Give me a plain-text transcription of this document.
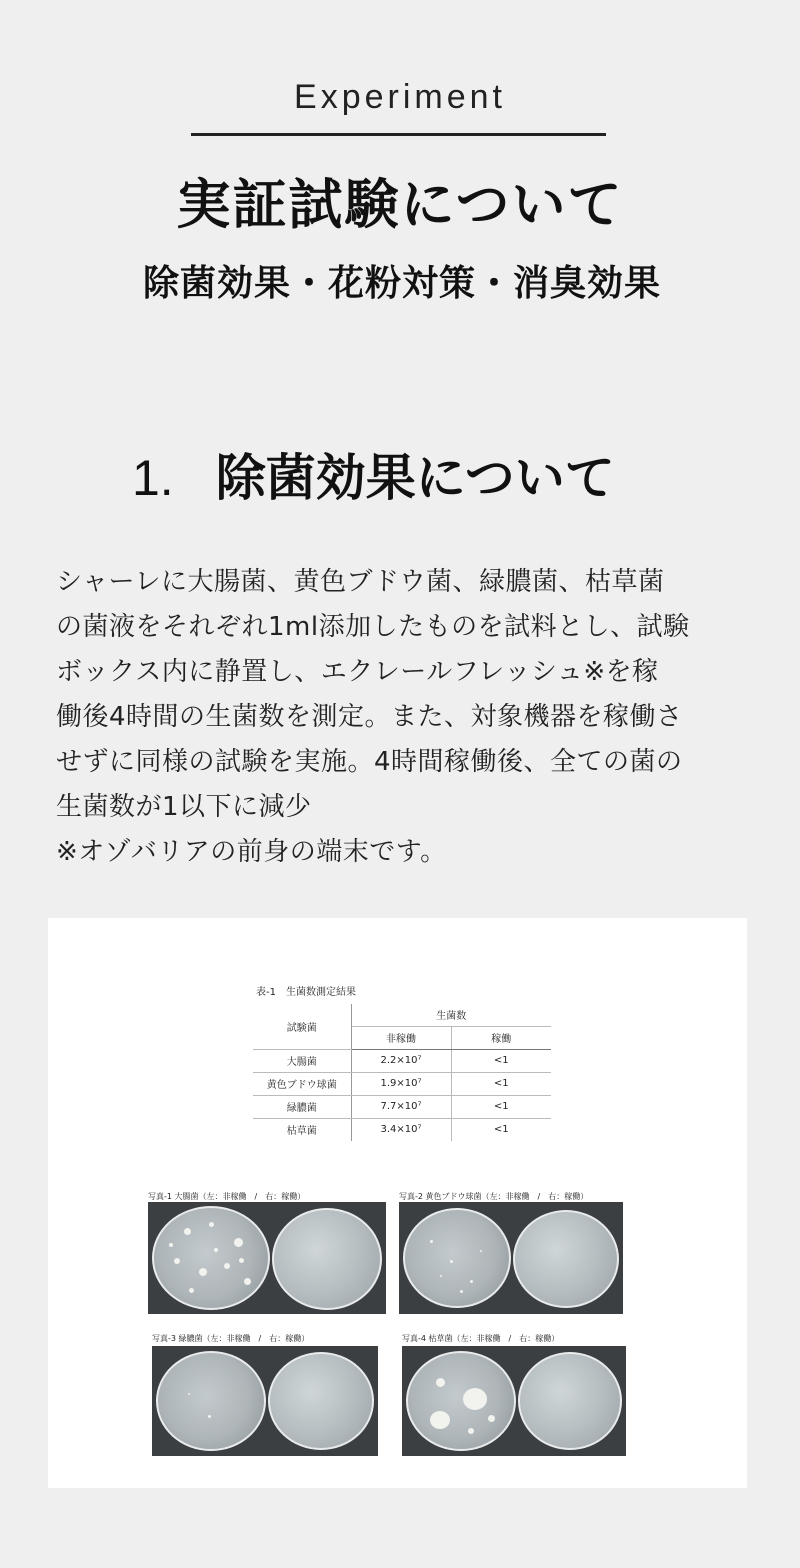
Experiment
実証試験について
除菌効果・花粉対策・消臭効果
1. 除菌効果について

シャーレに大腸菌、黄色ブドウ菌、緑膿菌、枯草菌

の菌液をそれぞれ1ml添加したものを試料とし、試験

ボックス内に静置し、エクレールフレッシュ※を稼

働後4時間の生菌数を測定。また、対象機器を稼働さ

せずに同様の試験を実施。4時間稼働後、全ての菌の

生菌数が1以下に減少

※オゾバリアの前身の端末です。

表-1　生菌数測定結果
試験菌	生菌数	
	非稼働	稼働
大腸菌	2.2×10⁷	<1
黄色ブドウ球菌	1.9×10⁷	<1
緑膿菌	7.7×10⁷	<1
枯草菌	3.4×10⁷	<1
写真-1 大腸菌（左：非稼働　/　右：稼働）	写真-2 黄色ブドウ球菌（左：非稼働　/　右：稼働）
写真-3 緑膿菌（左：非稼働　/　右：稼働）	写真-4 枯草菌（左：非稼働　/　右：稼働）
